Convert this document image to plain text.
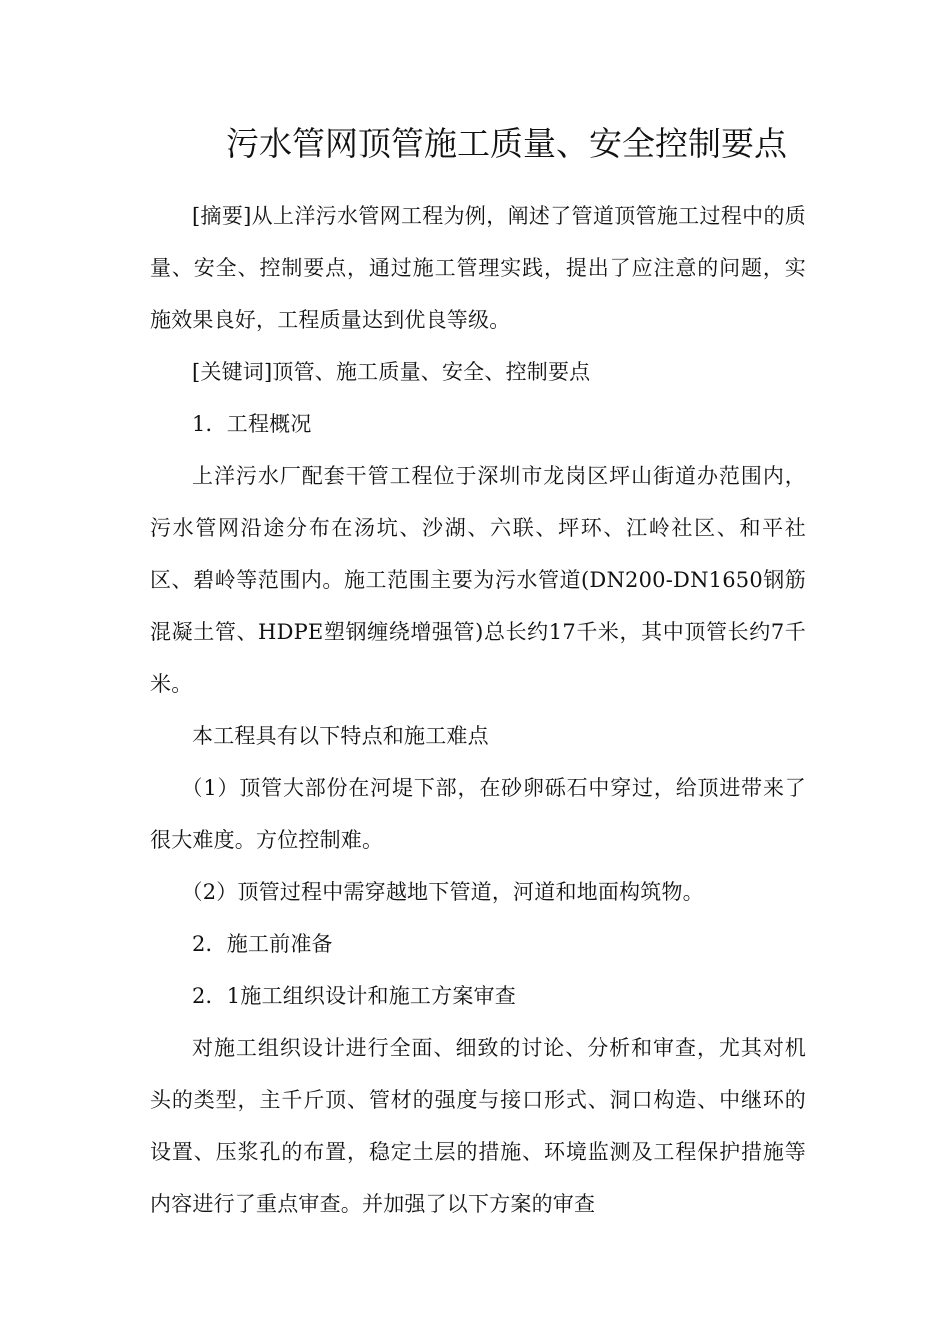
污水管网顶管施工质量、安全控制要点

[摘要]从上洋污水管网工程为例，阐述了管道顶管施工过程中的质量、安全、控制要点，通过施工管理实践，提出了应注意的问题，实施效果良好，工程质量达到优良等级。

[关键词]顶管、施工质量、安全、控制要点

1．工程概况

上洋污水厂配套干管工程位于深圳市龙岗区坪山街道办范围内，污水管网沿途分布在汤坑、沙湖、六联、坪环、江岭社区、和平社区、碧岭等范围内。施工范围主要为污水管道(DN200-DN1650钢筋混凝土管、HDPE塑钢缠绕增强管)总长约17千米，其中顶管长约7千米。

本工程具有以下特点和施工难点

（1）顶管大部份在河堤下部，在砂卵砾石中穿过，给顶进带来了很大难度。方位控制难。

（2）顶管过程中需穿越地下管道，河道和地面构筑物。

2．施工前准备

2．1施工组织设计和施工方案审查

对施工组织设计进行全面、细致的讨论、分析和审查，尤其对机头的类型，主千斤顶、管材的强度与接口形式、洞口构造、中继环的设置、压浆孔的布置，稳定土层的措施、环境监测及工程保护措施等内容进行了重点审查。并加强了以下方案的审查
